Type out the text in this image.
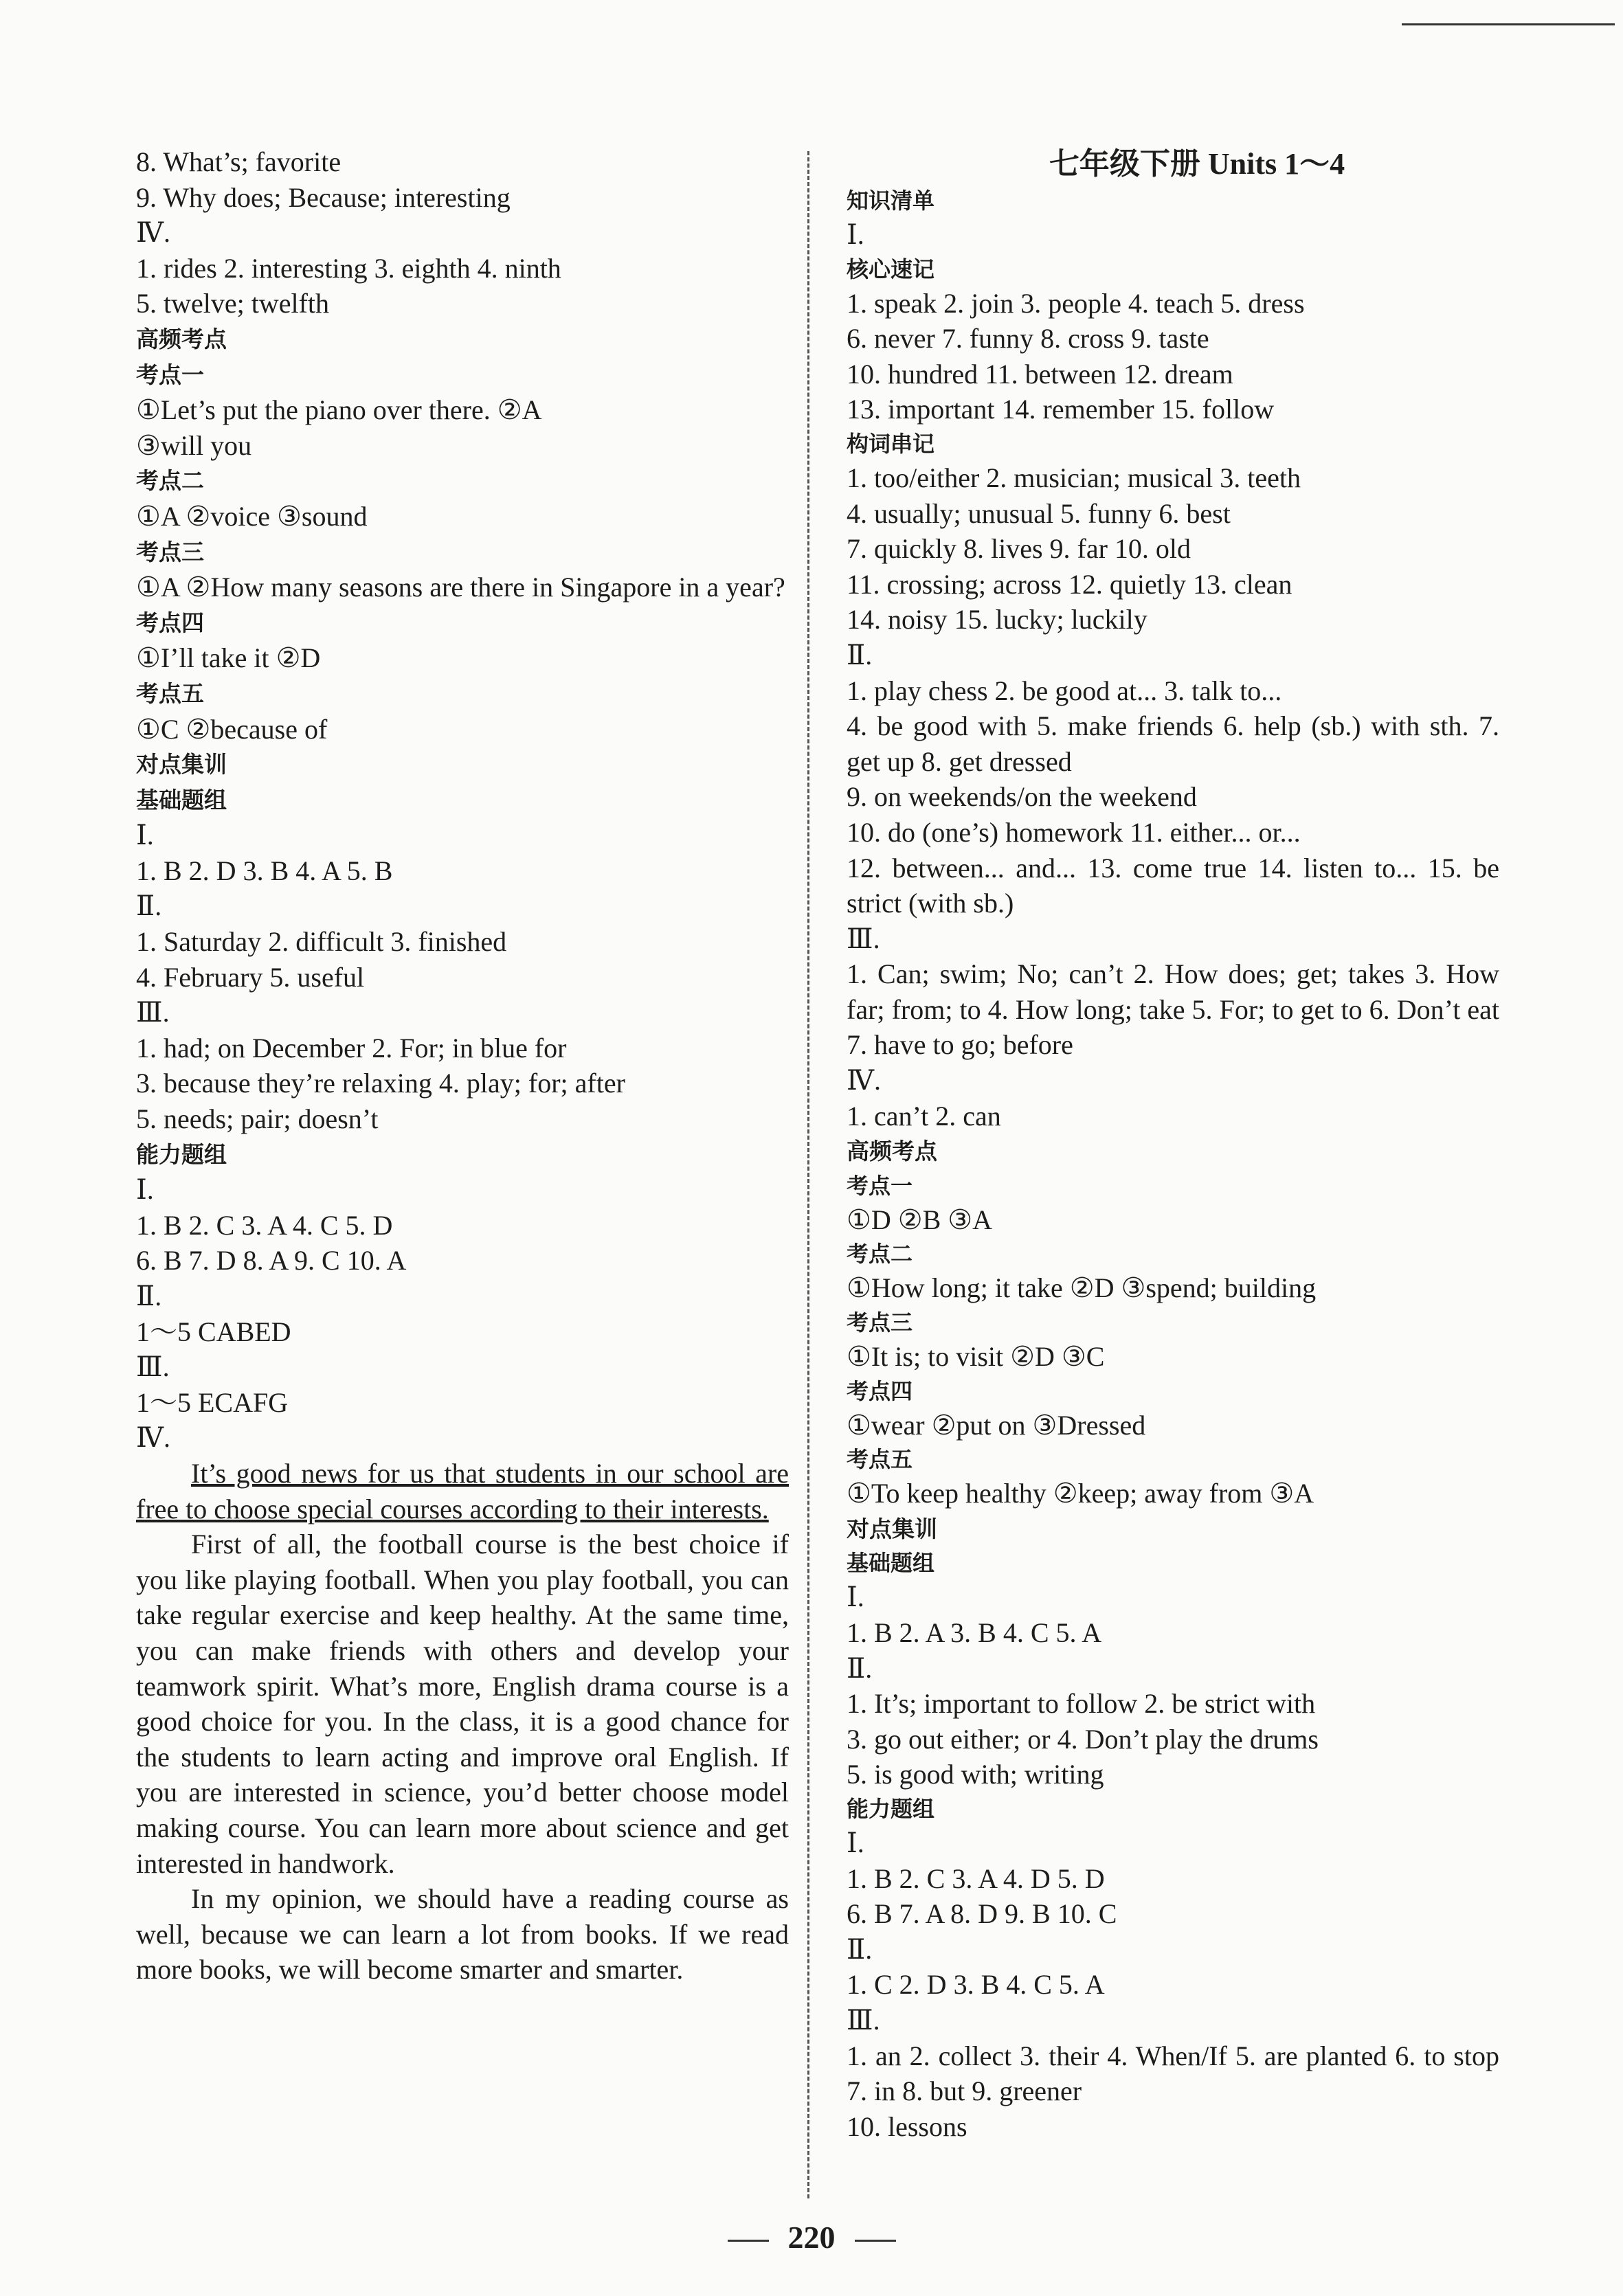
8. What’s; favorite
9. Why does; Because; interesting
Ⅳ.
1. rides 2. interesting 3. eighth 4. ninth
5. twelve; twelfth
高频考点
考点一
①Let’s put the piano over there. ②A
③will you
考点二
①A ②voice ③sound
考点三
①A ②How many seasons are there in Singapore in a year?
考点四
①I’ll take it ②D
考点五
①C ②because of
对点集训
基础题组
Ⅰ.
1. B 2. D 3. B 4. A 5. B
Ⅱ.
1. Saturday 2. difficult 3. finished
4. February 5. useful
Ⅲ.
1. had; on December 2. For; in blue for
3. because they’re relaxing 4. play; for; after
5. needs; pair; doesn’t
能力题组
Ⅰ.
1. B 2. C 3. A 4. C 5. D
6. B 7. D 8. A 9. C 10. A
Ⅱ.
1～5 CABED
Ⅲ.
1～5 ECAFG
Ⅳ.
It’s good news for us that students in our school are free to choose special courses according to their interests.
First of all, the football course is the best choice if you like playing football. When you play football, you can take regular exercise and keep healthy. At the same time, you can make friends with others and develop your teamwork spirit. What’s more, English drama course is a good choice for you. In the class, it is a good chance for the students to learn acting and improve oral English. If you are interested in science, you’d better choose model making course. You can learn more about science and get interested in handwork.
In my opinion, we should have a reading course as well, because we can learn a lot from books. If we read more books, we will become smarter and smarter.
七年级下册 Units 1～4
知识清单
Ⅰ.
核心速记
1. speak 2. join 3. people 4. teach 5. dress
6. never 7. funny 8. cross 9. taste
10. hundred 11. between 12. dream
13. important 14. remember 15. follow
构词串记
1. too/either 2. musician; musical 3. teeth
4. usually; unusual 5. funny 6. best
7. quickly 8. lives 9. far 10. old
11. crossing; across 12. quietly 13. clean
14. noisy 15. lucky; luckily
Ⅱ.
1. play chess 2. be good at... 3. talk to...
4. be good with 5. make friends 6. help (sb.) with sth. 7. get up 8. get dressed
9. on weekends/on the weekend
10. do (one’s) homework 11. either... or...
12. between... and... 13. come true 14. listen to... 15. be strict (with sb.)
Ⅲ.
1. Can; swim; No; can’t 2. How does; get; takes 3. How far; from; to 4. How long; take 5. For; to get to 6. Don’t eat 7. have to go; before
Ⅳ.
1. can’t 2. can
高频考点
考点一
①D ②B ③A
考点二
①How long; it take ②D ③spend; building
考点三
①It is; to visit ②D ③C
考点四
①wear ②put on ③Dressed
考点五
①To keep healthy ②keep; away from ③A
对点集训
基础题组
Ⅰ.
1. B 2. A 3. B 4. C 5. A
Ⅱ.
1. It’s; important to follow 2. be strict with
3. go out either; or 4. Don’t play the drums
5. is good with; writing
能力题组
Ⅰ.
1. B 2. C 3. A 4. D 5. D
6. B 7. A 8. D 9. B 10. C
Ⅱ.
1. C 2. D 3. B 4. C 5. A
Ⅲ.
1. an 2. collect 3. their 4. When/If 5. are planted 6. to stop 7. in 8. but 9. greener
10. lessons
220
